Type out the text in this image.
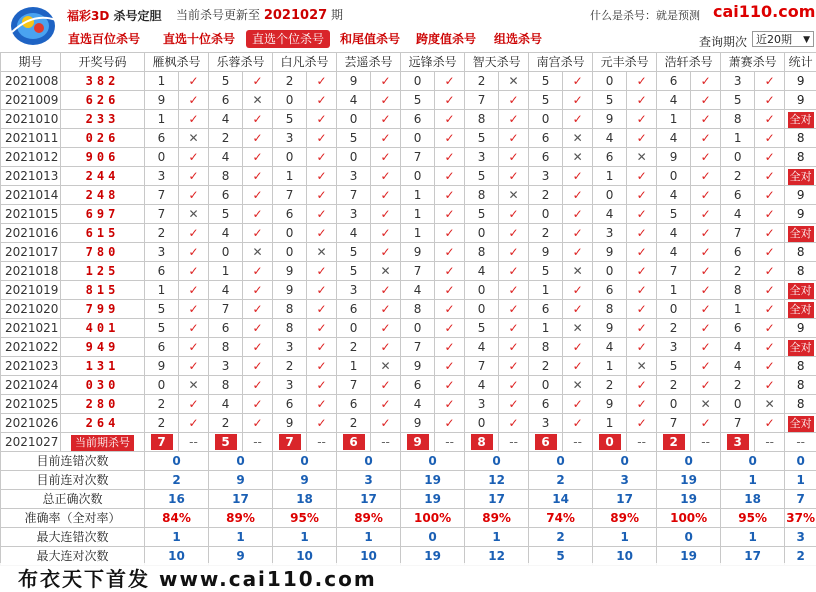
福彩3D 杀号定胆 当前杀号更新至 2021027 期	什么是杀号：就是预测 cai110.com
直选百位杀号 直选十位杀号	直选个位杀号	和尾值杀号 跨度值杀号 组选杀号	查询期次 近20期 ▼
期号	开奖号码	雁枫杀号		乐蓉杀号		白凡杀号		芸遥杀号		远锋杀号		智天杀号		南宫杀号		元丰杀号		浩轩杀号		萧赛杀号		统计
2021008	382	1	✓	5	✓	2	✓	9	✓	0	✓	2	✕	5	✓	0	✓	6	✓	3	✓	9
2021009	626	9	✓	6	✕	0	✓	4	✓	5	✓	7	✓	5	✓	5	✓	4	✓	5	✓	9
2021010	233	1	✓	4	✓	5	✓	0	✓	6	✓	8	✓	0	✓	9	✓	1	✓	8	✓	全对
2021011	026	6	✕	2	✓	3	✓	5	✓	0	✓	5	✓	6	✕	4	✓	4	✓	1	✓	8
2021012	906	0	✓	4	✓	0	✓	0	✓	7	✓	3	✓	6	✕	6	✕	9	✓	0	✓	8
2021013	244	3	✓	8	✓	1	✓	3	✓	0	✓	5	✓	3	✓	1	✓	0	✓	2	✓	全对
2021014	248	7	✓	6	✓	7	✓	7	✓	1	✓	8	✕	2	✓	0	✓	4	✓	6	✓	9
2021015	697	7	✕	5	✓	6	✓	3	✓	1	✓	5	✓	0	✓	4	✓	5	✓	4	✓	9
2021016	615	2	✓	4	✓	0	✓	4	✓	1	✓	0	✓	2	✓	3	✓	4	✓	7	✓	全对
2021017	780	3	✓	0	✕	0	✕	5	✓	9	✓	8	✓	9	✓	9	✓	4	✓	6	✓	8
2021018	125	6	✓	1	✓	9	✓	5	✕	7	✓	4	✓	5	✕	0	✓	7	✓	2	✓	8
2021019	815	1	✓	4	✓	9	✓	3	✓	4	✓	0	✓	1	✓	6	✓	1	✓	8	✓	全对
2021020	799	5	✓	7	✓	8	✓	6	✓	8	✓	0	✓	6	✓	8	✓	0	✓	1	✓	全对
2021021	401	5	✓	6	✓	8	✓	0	✓	0	✓	5	✓	1	✕	9	✓	2	✓	6	✓	9
2021022	949	6	✓	8	✓	3	✓	2	✓	7	✓	4	✓	8	✓	4	✓	3	✓	4	✓	全对
2021023	131	9	✓	3	✓	2	✓	1	✕	9	✓	7	✓	2	✓	1	✕	5	✓	4	✓	8
2021024	030	0	✕	8	✓	3	✓	7	✓	6	✓	4	✓	0	✕	2	✓	2	✓	2	✓	8
2021025	280	2	✓	4	✓	6	✓	6	✓	4	✓	3	✓	6	✓	9	✓	0	✕	0	✕	8
2021026	264	2	✓	2	✓	9	✓	2	✓	9	✓	0	✓	3	✓	1	✓	7	✓	7	✓	全对
2021027	当前期杀号	7	--	5	--	7	--	6	--	9	--	8	--	6	--	0	--	2	--	3	--	--
目前连错次数		0		0		0		0		0		0		0		0		0		0		0
目前连对次数		2		9		9		3		19		12		2		3		19		1		1
总正确次数		16		17		18		17		19		17		14		17		19		18		7
准确率（全对率）		84%		89%		95%		89%		100%		89%		74%		89%		100%		95%		37%
最大连错次数		1		1		1		1		0		1		2		1		0		1		3
最大连对次数		10		9		10		10		19		12		5		10		19		17		2
布衣天下首发 www.cai110.com
